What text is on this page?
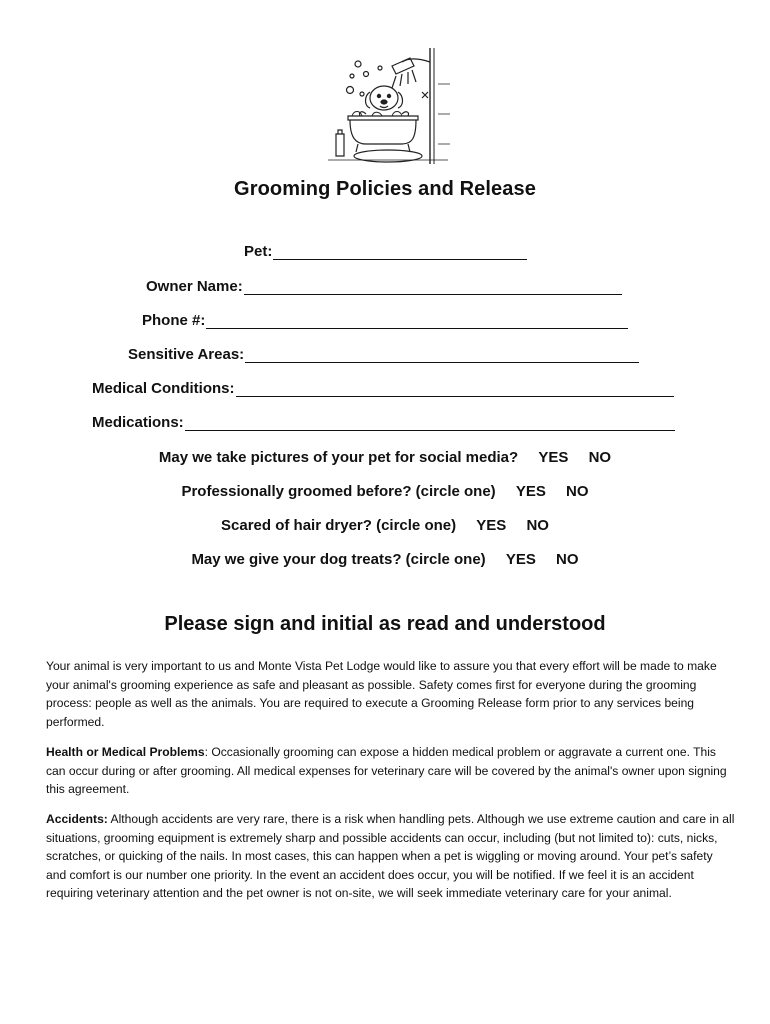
Grooming Policies and Release
Pet:
Owner Name:
Phone #:
Sensitive Areas:
Medical Conditions:
Medications:
May we take pictures of your pet for social media? YES NO
Professionally groomed before? (circle one) YES NO
Scared of hair dryer? (circle one) YES NO
May we give your dog treats? (circle one) YES NO
Please sign and initial as read and understood

Your animal is very important to us and Monte Vista Pet Lodge would like to assure you that every effort will be made to make your animal's grooming experience as safe and pleasant as possible. Safety comes first for everyone during the grooming process: people as well as the animals. You are required to execute a Grooming Release form prior to any services being performed.

Health or Medical Problems: Occasionally grooming can expose a hidden medical problem or aggravate a current one. This can occur during or after grooming. All medical expenses for veterinary care will be covered by the animal's owner upon signing this agreement.

Accidents: Although accidents are very rare, there is a risk when handling pets. Although we use extreme caution and care in all situations, grooming equipment is extremely sharp and possible accidents can occur, including (but not limited to): cuts, nicks, scratches, or quicking of the nails. In most cases, this can happen when a pet is wiggling or moving around. Your pet’s safety and comfort is our number one priority. In the event an accident does occur, you will be notified. If we feel it is an accident requiring veterinary attention and the pet owner is not on-site, we will seek immediate veterinary care for your animal.
